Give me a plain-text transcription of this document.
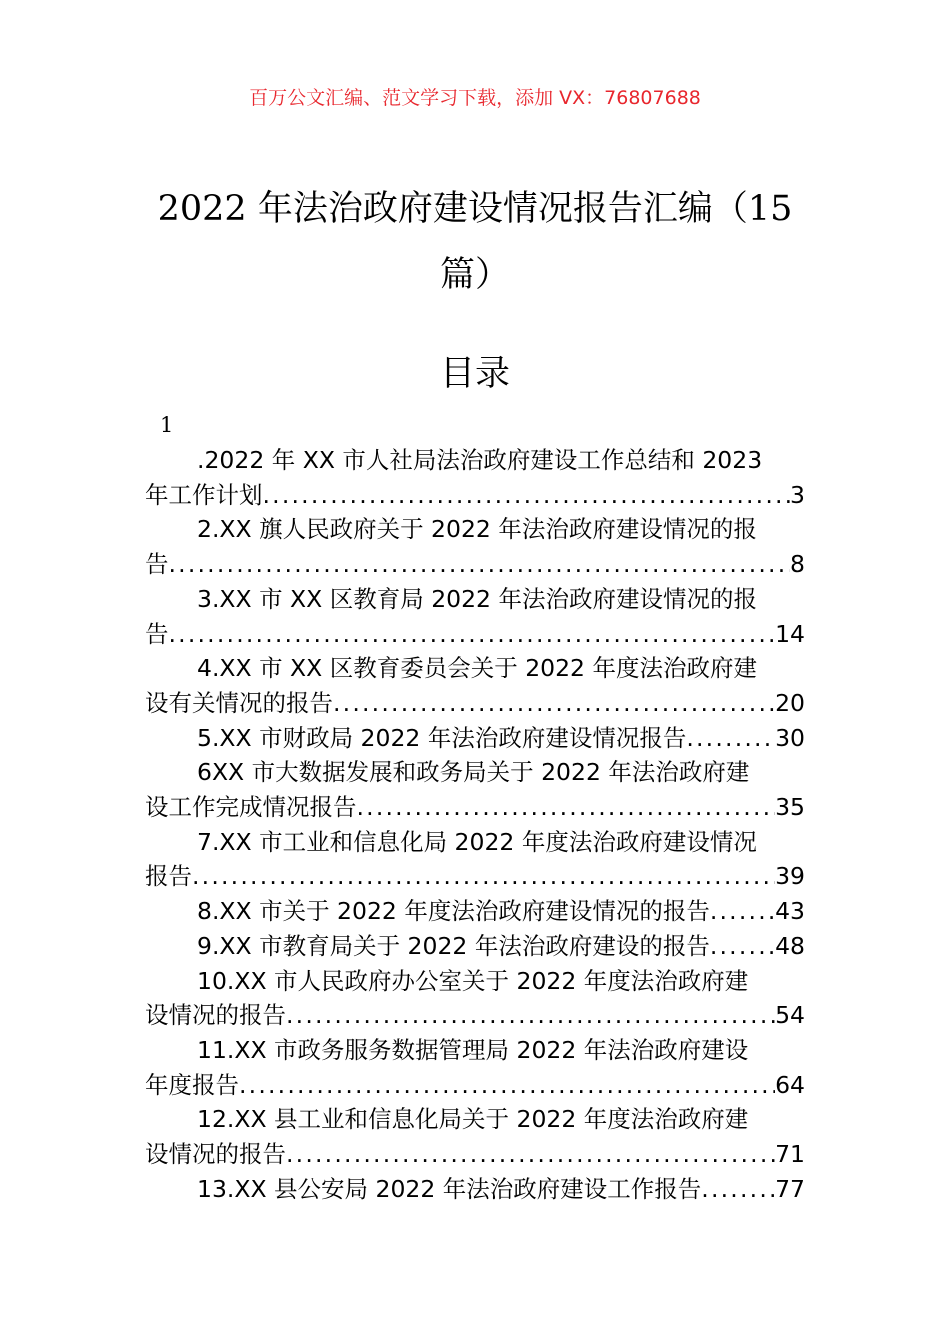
百万公文汇编、范文学习下载，添加 VX：76807688
2022 年法治政府建设情况报告汇编（15
篇）
目录
1
.2022 年 XX 市人社局法治政府建设工作总结和 2023
年工作计划 .....	3
2.XX 旗人民政府关于 2022 年法治政府建设情况的报
告 .....	8
3.XX 市 XX 区教育局 2022 年法治政府建设情况的报
告 .....	14
4.XX 市 XX 区教育委员会关于 2022 年度法治政府建
设有关情况的报告 .....	20
5.XX 市财政局 2022 年法治政府建设情况报告 .....	30
6XX 市大数据发展和政务局关于 2022 年法治政府建
设工作完成情况报告 .....	35
7.XX 市工业和信息化局 2022 年度法治政府建设情况
报告 .....	39
8.XX 市关于 2022 年度法治政府建设情况的报告 .....	43
9.XX 市教育局关于 2022 年法治政府建设的报告 .....	48
10.XX 市人民政府办公室关于 2022 年度法治政府建
设情况的报告 .....	54
11.XX 市政务服务数据管理局 2022 年法治政府建设
年度报告 .....	64
12.XX 县工业和信息化局关于 2022 年度法治政府建
设情况的报告 .....	71
13.XX 县公安局 2022 年法治政府建设工作报告 .....	77
